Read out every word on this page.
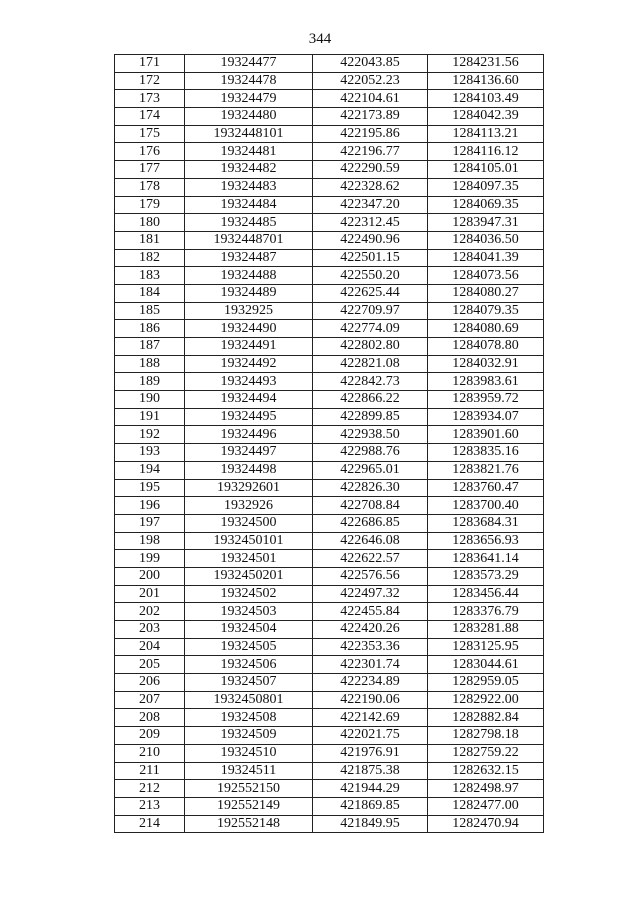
344
171	19324477	422043.85	1284231.56
172	19324478	422052.23	1284136.60
173	19324479	422104.61	1284103.49
174	19324480	422173.89	1284042.39
175	1932448101	422195.86	1284113.21
176	19324481	422196.77	1284116.12
177	19324482	422290.59	1284105.01
178	19324483	422328.62	1284097.35
179	19324484	422347.20	1284069.35
180	19324485	422312.45	1283947.31
181	1932448701	422490.96	1284036.50
182	19324487	422501.15	1284041.39
183	19324488	422550.20	1284073.56
184	19324489	422625.44	1284080.27
185	1932925	422709.97	1284079.35
186	19324490	422774.09	1284080.69
187	19324491	422802.80	1284078.80
188	19324492	422821.08	1284032.91
189	19324493	422842.73	1283983.61
190	19324494	422866.22	1283959.72
191	19324495	422899.85	1283934.07
192	19324496	422938.50	1283901.60
193	19324497	422988.76	1283835.16
194	19324498	422965.01	1283821.76
195	193292601	422826.30	1283760.47
196	1932926	422708.84	1283700.40
197	19324500	422686.85	1283684.31
198	1932450101	422646.08	1283656.93
199	19324501	422622.57	1283641.14
200	1932450201	422576.56	1283573.29
201	19324502	422497.32	1283456.44
202	19324503	422455.84	1283376.79
203	19324504	422420.26	1283281.88
204	19324505	422353.36	1283125.95
205	19324506	422301.74	1283044.61
206	19324507	422234.89	1282959.05
207	1932450801	422190.06	1282922.00
208	19324508	422142.69	1282882.84
209	19324509	422021.75	1282798.18
210	19324510	421976.91	1282759.22
211	19324511	421875.38	1282632.15
212	192552150	421944.29	1282498.97
213	192552149	421869.85	1282477.00
214	192552148	421849.95	1282470.94
